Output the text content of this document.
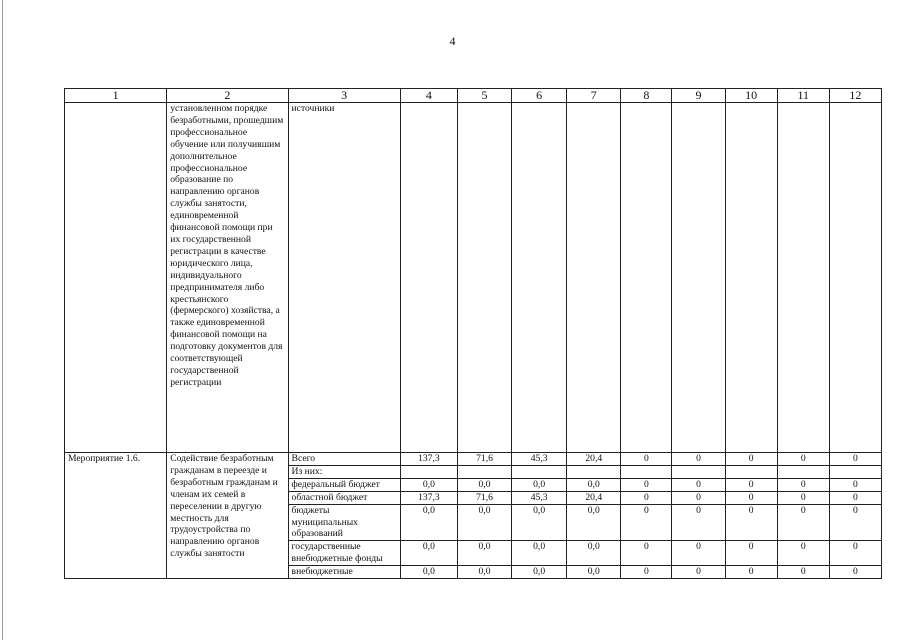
4
1	2	3	4	5	6	7	8	9	10	11	12
	установленном порядке безработными, прошедшим профессиональное обучение или получившим дополнительное профессиональное образование по направлению органов службы занятости, единовременной финансовой помощи при их государственной регистрации в качестве юридического лица, индивидуального предпринимателя либо крестьянского (фермерского) хозяйства, а также единовременной финансовой помощи на подготовку документов для соответствующей государственной регистрации	источники									
Мероприятие 1.6.	Содействие безработным гражданам в переезде и безработным гражданам и членам их семей в переселении в другую местность для трудоустройства по направлению органов службы занятости	Всего	137,3	71,6	45,3	20,4	0	0	0	0	0
		Из них:									
		федеральный бюджет	0,0	0,0	0,0	0,0	0	0	0	0	0
		областной бюджет	137,3	71,6	45,3	20,4	0	0	0	0	0
		бюджеты муниципальных образований	0,0	0,0	0,0	0,0	0	0	0	0	0
		государственные внебюджетные фонды	0,0	0,0	0,0	0,0	0	0	0	0	0
		внебюджетные	0,0	0,0	0,0	0,0	0	0	0	0	0
